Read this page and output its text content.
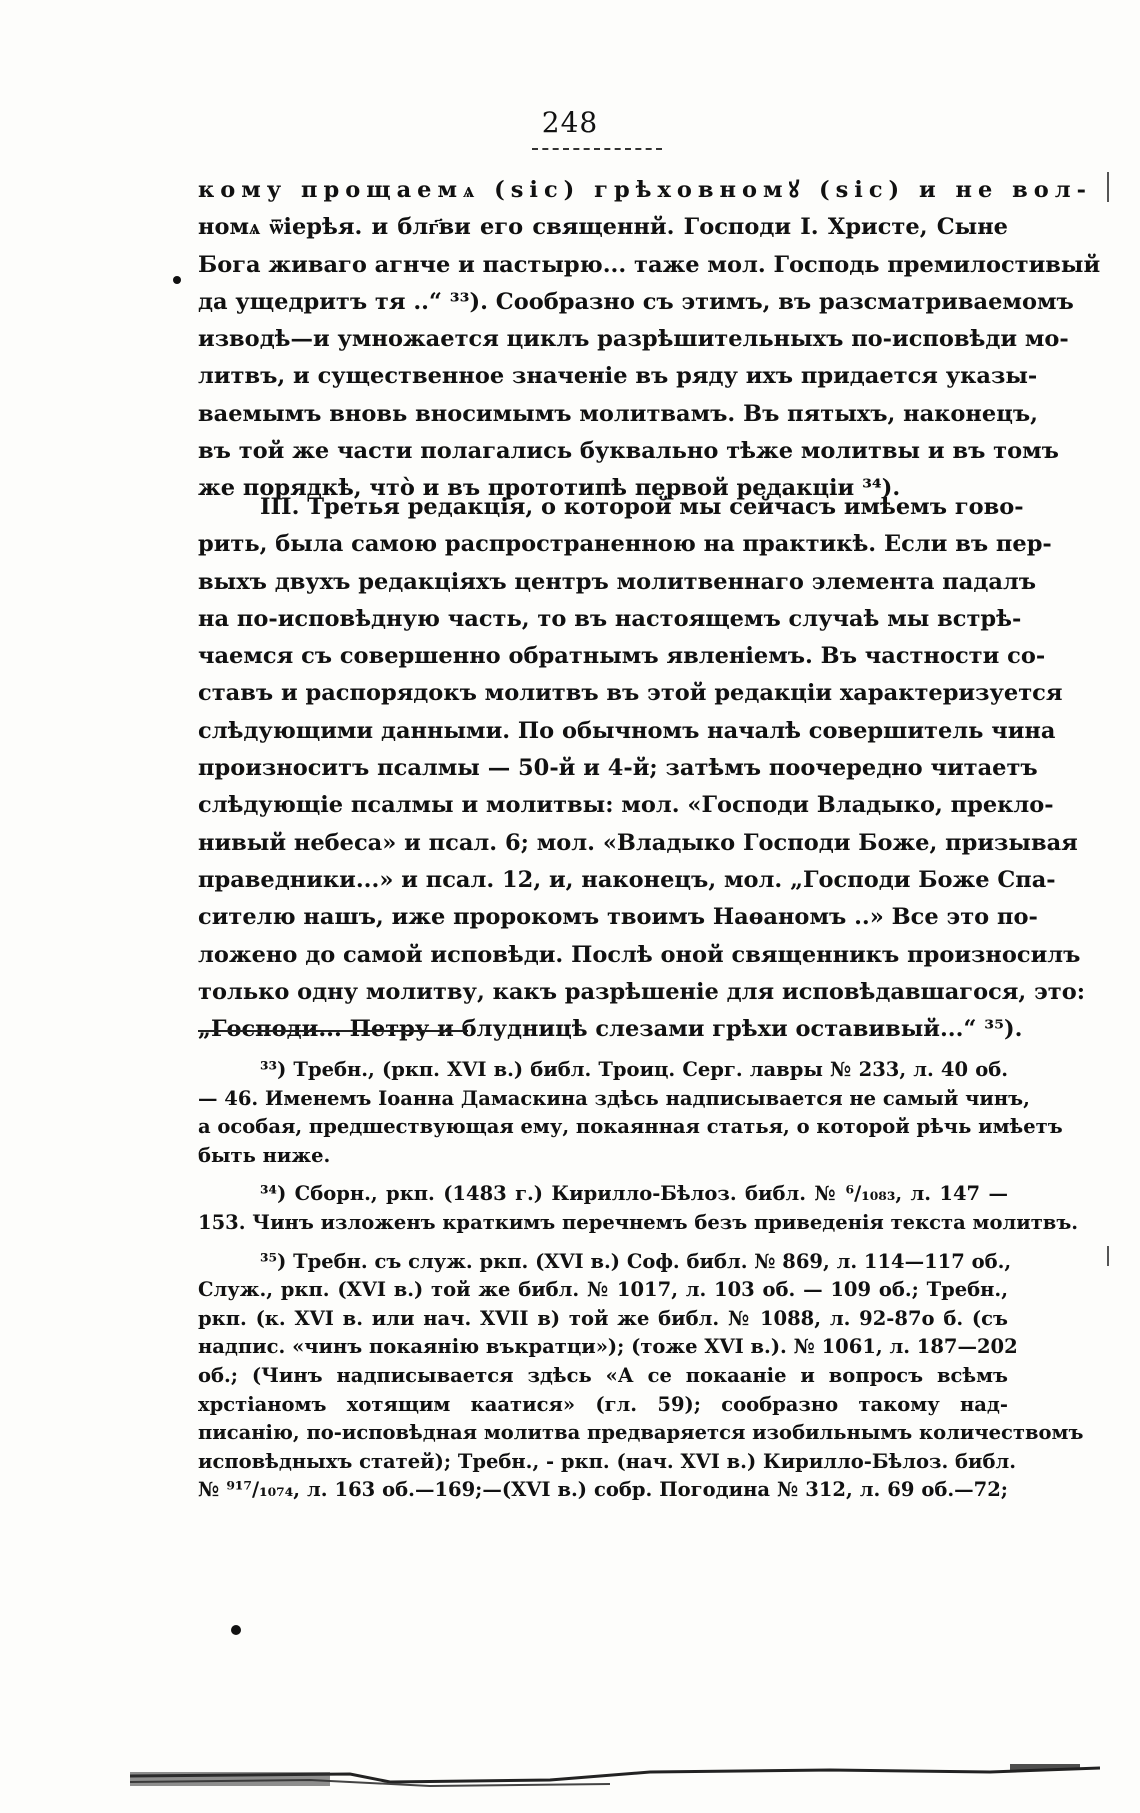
248
кому прощаемѧ (sic) грѣховномꙋ (sic) и не вол-
номѧ ѿіерѣя. и блг҃ви его священнй. Господи І. Христе, Сыне
Бога живаго агнче и пастырю... таже мол. Господь премилостивый
да ущедритъ тя ..“ ³³). Сообразно съ этимъ, въ разсматриваемомъ
изводѣ—и умножается циклъ разрѣшительныхъ по-исповѣди мо-
литвъ, и существенное значеніе въ ряду ихъ придается указы-
ваемымъ вновь вносимымъ молитвамъ. Въ пятыхъ, наконецъ,
въ той же части полагались буквально тѣже молитвы и въ томъ
же порядкѣ, что̀ и въ прототипѣ первой редакціи ³⁴).
III. Третья редакція, о которой мы сейчасъ имѣемъ гово-
рить, была самою распространенною на практикѣ. Если въ пер-
выхъ двухъ редакціяхъ центръ молитвеннаго элемента падалъ
на по-исповѣдную часть, то въ настоящемъ случаѣ мы встрѣ-
чаемся съ совершенно обратнымъ явленіемъ. Въ частности со-
ставъ и распорядокъ молитвъ въ этой редакціи характеризуется
слѣдующими данными. По обычномъ началѣ совершитель чина
произноситъ псалмы — 50-й и 4-й; затѣмъ поочередно читаетъ
слѣдующіе псалмы и молитвы: мол. «Господи Владыко, прекло-
нивый небеса» и псал. 6; мол. «Владыко Господи Боже, призывая
праведники...» и псал. 12, и, наконецъ, мол. „Господи Боже Спа-
сителю нашъ, иже пророкомъ твоимъ Наѳаномъ ..» Все это по-
ложено до самой исповѣди. Послѣ оной священникъ произносилъ
только одну молитву, какъ разрѣшеніе для исповѣдавшагося, это:
„Господи... Петру и блудницѣ слезами грѣхи оставивый...“ ³⁵).
³³) Требн., (ркп. XVI в.) библ. Троиц. Серг. лавры № 233, л. 40 об.
— 46. Именемъ Іоанна Дамаскина здѣсь надписывается не самый чинъ,
а особая, предшествующая ему, покаянная статья, о которой рѣчь имѣетъ
быть ниже.
³⁴) Сборн., ркп. (1483 г.) Кирилло-Бѣлоз. библ. № ⁶/₁₀₈₃, л. 147 —
153. Чинъ изложенъ краткимъ перечнемъ безъ приведенія текста молитвъ.
³⁵) Требн. съ служ. ркп. (XVI в.) Соф. библ. № 869, л. 114—117 об.,
Служ., ркп. (XVI в.) той же библ. № 1017, л. 103 об. — 109 об.; Требн.,
ркп. (к. XVI в. или нач. XVII в) той же библ. № 1088, л. 92-87о б. (съ
надпис. «чинъ покаянію въкратци»); (тоже XVI в.). № 1061, л. 187—202
об.; (Чинъ надписывается здѣсь «А се покааніе и вопросъ всѣмъ
хрстіаномъ хотящим каатися» (гл. 59); сообразно такому над-
писанію, по-исповѣдная молитва предваряется изобильнымъ количествомъ
исповѣдныхъ статей); Требн., - ркп. (нач. XVI в.) Кирилло-Бѣлоз. библ.
№ ⁹¹⁷/₁₀₇₄, л. 163 об.—169;—(XVI в.) собр. Погодина № 312, л. 69 об.—72;
